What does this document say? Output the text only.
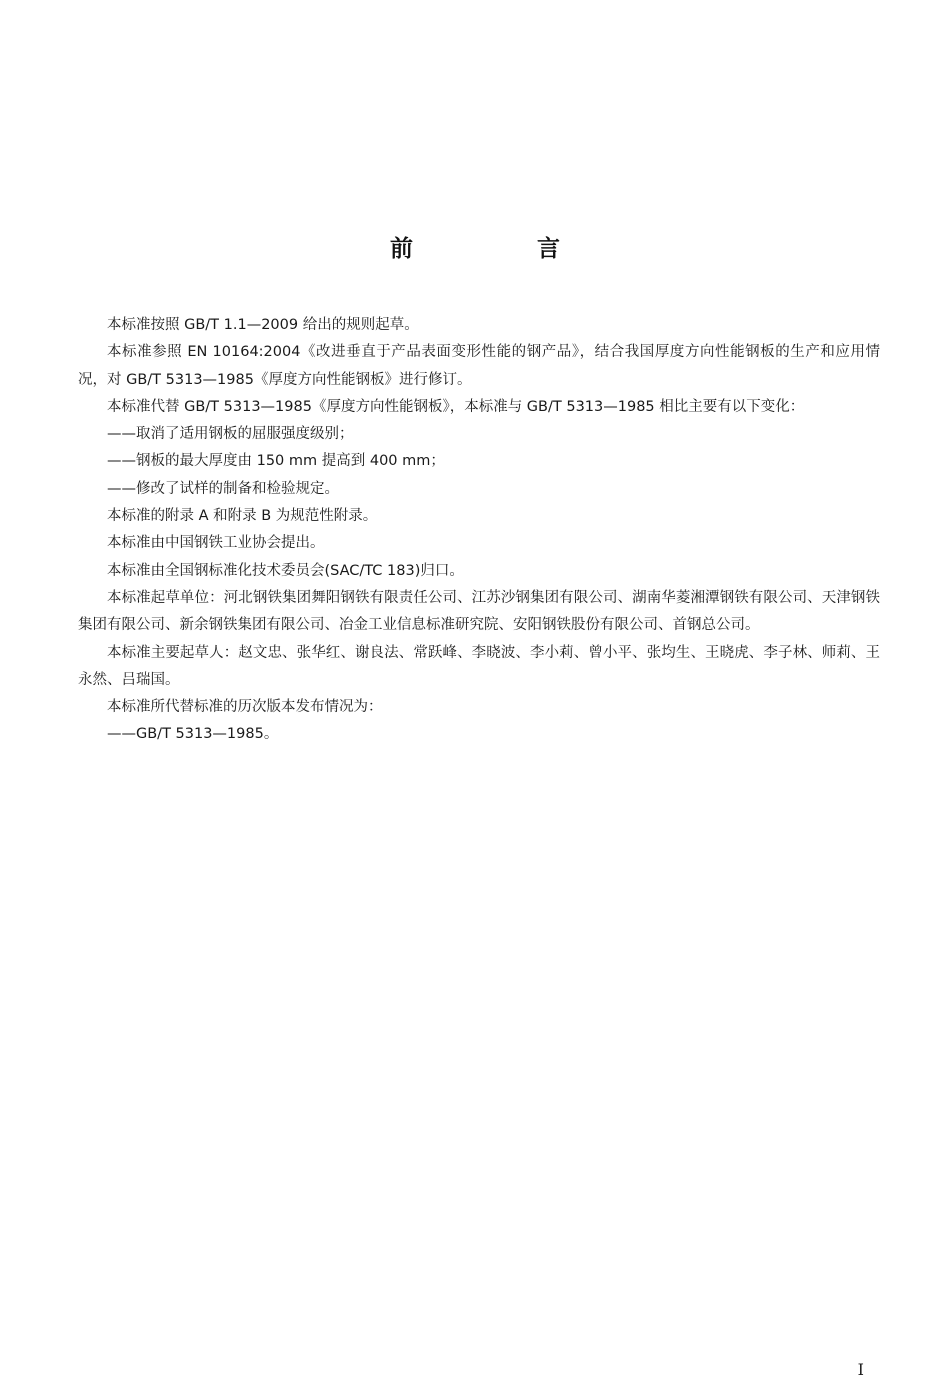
前 言

本标准按照 GB/T 1.1—2009 给出的规则起草。

本标准参照 EN 10164:2004《改进垂直于产品表面变形性能的钢产品》，结合我国厚度方向性能钢板的生产和应用情况，对 GB/T 5313—1985《厚度方向性能钢板》进行修订。

本标准代替 GB/T 5313—1985《厚度方向性能钢板》，本标准与 GB/T 5313—1985 相比主要有以下变化：

——取消了适用钢板的屈服强度级别；

——钢板的最大厚度由 150 mm 提高到 400 mm；

——修改了试样的制备和检验规定。

本标准的附录 A 和附录 B 为规范性附录。

本标准由中国钢铁工业协会提出。

本标准由全国钢标准化技术委员会(SAC/TC 183)归口。

本标准起草单位：河北钢铁集团舞阳钢铁有限责任公司、江苏沙钢集团有限公司、湖南华菱湘潭钢铁有限公司、天津钢铁集团有限公司、新余钢铁集团有限公司、冶金工业信息标准研究院、安阳钢铁股份有限公司、首钢总公司。

本标准主要起草人：赵文忠、张华红、谢良法、常跃峰、李晓波、李小莉、曾小平、张均生、王晓虎、李子林、师莉、王永然、吕瑞国。

本标准所代替标准的历次版本发布情况为：

——GB/T 5313—1985。

I
